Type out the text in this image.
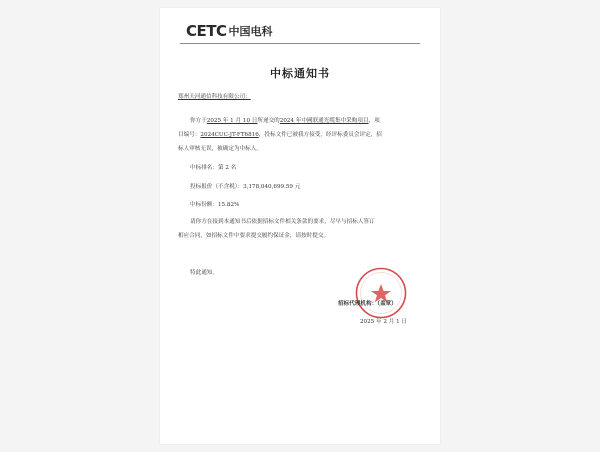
CETC 中国电科
中标通知书
郑州天河通信科技有限公司：
你方于2025 年 1 月 10 日所递交的2024 年中國联通光缆集中采购项目，项
目编号：2024CUC-JT-FT6816，投标文件已被我方接受，经评标委员会评定，招
标人审核无误，被确定为中标人。
中标排名：第 2 名
投标报价（不含税）：3,178,040,699.59 元
中标份额：15.82%
请你方在接到本通知书后依据招标文件相关条款的要求，尽早与招标人签订
相应合同，如招标文件中要求提交履约保证金，请按时提交。
特此通知。
招标代理机构：（盖章）
2025 年 2 月 1 日
